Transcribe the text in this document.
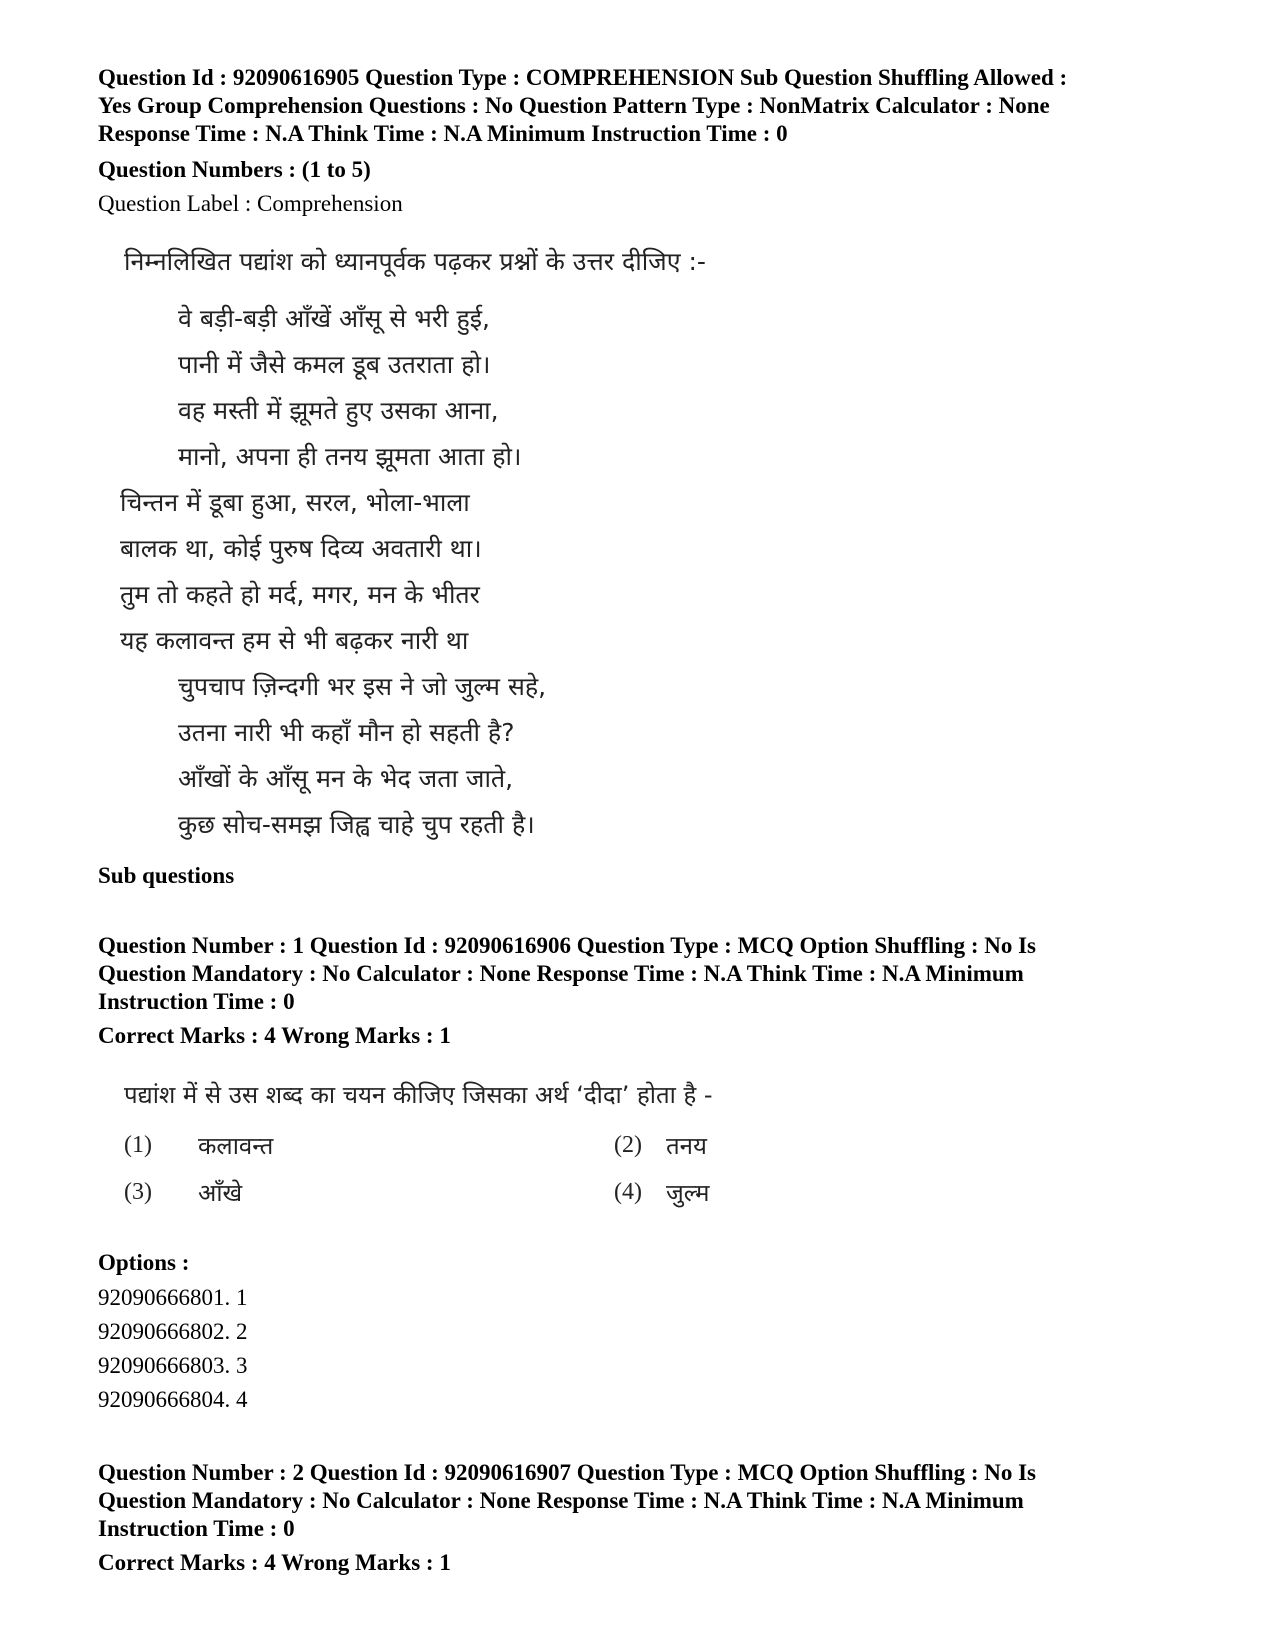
Question Id : 92090616905 Question Type : COMPREHENSION Sub Question Shuffling Allowed :

Yes Group Comprehension Questions : No Question Pattern Type : NonMatrix Calculator : None

Response Time : N.A Think Time : N.A Minimum Instruction Time : 0

Question Numbers : (1 to 5)

Question Label : Comprehension

निम्नलिखित पद्यांश को ध्यानपूर्वक पढ़कर प्रश्नों के उत्तर दीजिए :-
वे बड़ी-बड़ी आँखें आँसू से भरी हुई,
पानी में जैसे कमल डूब उतराता हो।
वह मस्ती में झूमते हुए उसका आना,
मानो, अपना ही तनय झूमता आता हो।
चिन्तन में डूबा हुआ, सरल, भोला-भाला
बालक था, कोई पुरुष दिव्य अवतारी था।
तुम तो कहते हो मर्द, मगर, मन के भीतर
यह कलावन्त हम से भी बढ़कर नारी था
चुपचाप ज़िन्दगी भर इस ने जो जुल्म सहे,
उतना नारी भी कहाँ मौन हो सहती है?
आँखों के आँसू मन के भेद जता जाते,
कुछ सोच-समझ जिह्व चाहे चुप रहती है।

Sub questions

Question Number : 1 Question Id : 92090616906 Question Type : MCQ Option Shuffling : No Is

Question Mandatory : No Calculator : None Response Time : N.A Think Time : N.A Minimum

Instruction Time : 0

Correct Marks : 4 Wrong Marks : 1

पद्यांश में से उस शब्द का चयन कीजिए जिसका अर्थ ‘दीदा’ होता है -
(1)	कलावन्त	(2)	तनय
(3)	आँखे	(4)	जुल्म

Options :

92090666801. 1
92090666802. 2
92090666803. 3
92090666804. 4

Question Number : 2 Question Id : 92090616907 Question Type : MCQ Option Shuffling : No Is

Question Mandatory : No Calculator : None Response Time : N.A Think Time : N.A Minimum

Instruction Time : 0

Correct Marks : 4 Wrong Marks : 1
